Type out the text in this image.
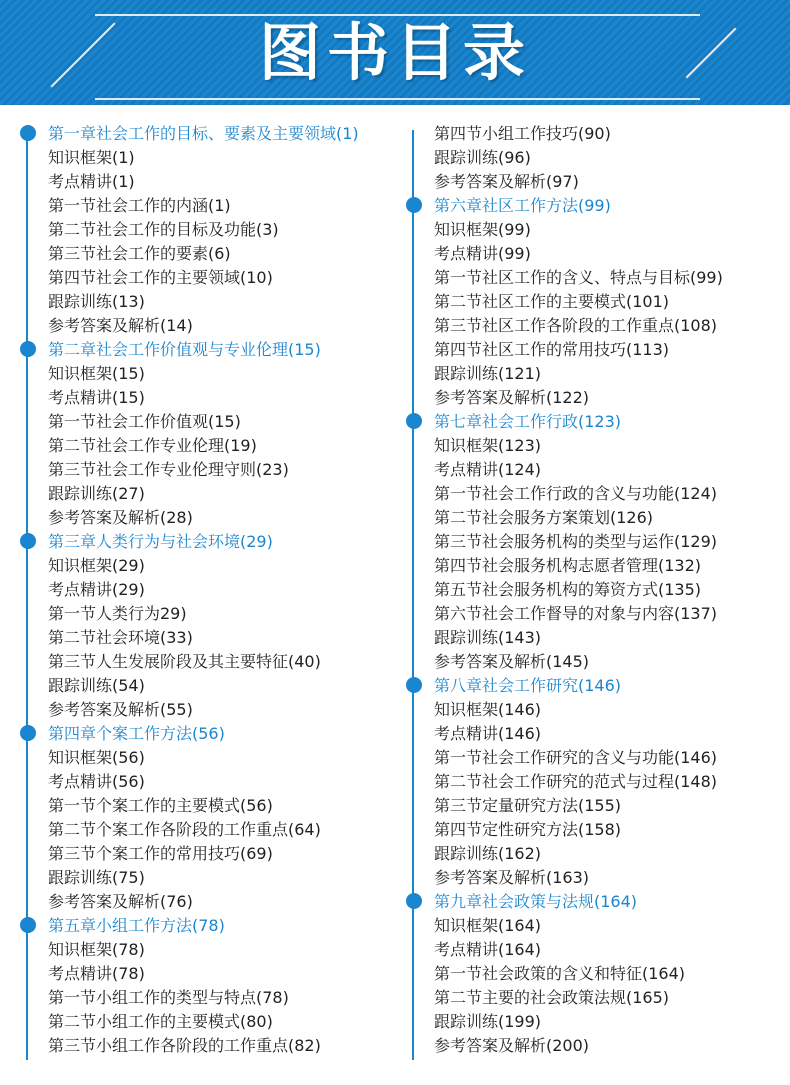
图书目录
第一章社会工作的目标、要素及主要领域(1)
知识框架(1)
考点精讲(1)
第一节社会工作的内涵(1)
第二节社会工作的目标及功能(3)
第三节社会工作的要素(6)
第四节社会工作的主要领域(10)
跟踪训练(13)
参考答案及解析(14)
第二章社会工作价值观与专业伦理(15)
知识框架(15)
考点精讲(15)
第一节社会工作价值观(15)
第二节社会工作专业伦理(19)
第三节社会工作专业伦理守则(23)
跟踪训练(27)
参考答案及解析(28)
第三章人类行为与社会环境(29)
知识框架(29)
考点精讲(29)
第一节人类行为29)
第二节社会环境(33)
第三节人生发展阶段及其主要特征(40)
跟踪训练(54)
参考答案及解析(55)
第四章个案工作方法(56)
知识框架(56)
考点精讲(56)
第一节个案工作的主要模式(56)
第二节个案工作各阶段的工作重点(64)
第三节个案工作的常用技巧(69)
跟踪训练(75)
参考答案及解析(76)
第五章小组工作方法(78)
知识框架(78)
考点精讲(78)
第一节小组工作的类型与特点(78)
第二节小组工作的主要模式(80)
第三节小组工作各阶段的工作重点(82)
第四节小组工作技巧(90)
跟踪训练(96)
参考答案及解析(97)
第六章社区工作方法(99)
知识框架(99)
考点精讲(99)
第一节社区工作的含义、特点与目标(99)
第二节社区工作的主要模式(101)
第三节社区工作各阶段的工作重点(108)
第四节社区工作的常用技巧(113)
跟踪训练(121)
参考答案及解析(122)
第七章社会工作行政(123)
知识框架(123)
考点精讲(124)
第一节社会工作行政的含义与功能(124)
第二节社会服务方案策划(126)
第三节社会服务机构的类型与运作(129)
第四节社会服务机构志愿者管理(132)
第五节社会服务机构的筹资方式(135)
第六节社会工作督导的对象与内容(137)
跟踪训练(143)
参考答案及解析(145)
第八章社会工作研究(146)
知识框架(146)
考点精讲(146)
第一节社会工作研究的含义与功能(146)
第二节社会工作研究的范式与过程(148)
第三节定量研究方法(155)
第四节定性研究方法(158)
跟踪训练(162)
参考答案及解析(163)
第九章社会政策与法规(164)
知识框架(164)
考点精讲(164)
第一节社会政策的含义和特征(164)
第二节主要的社会政策法规(165)
跟踪训练(199)
参考答案及解析(200)
